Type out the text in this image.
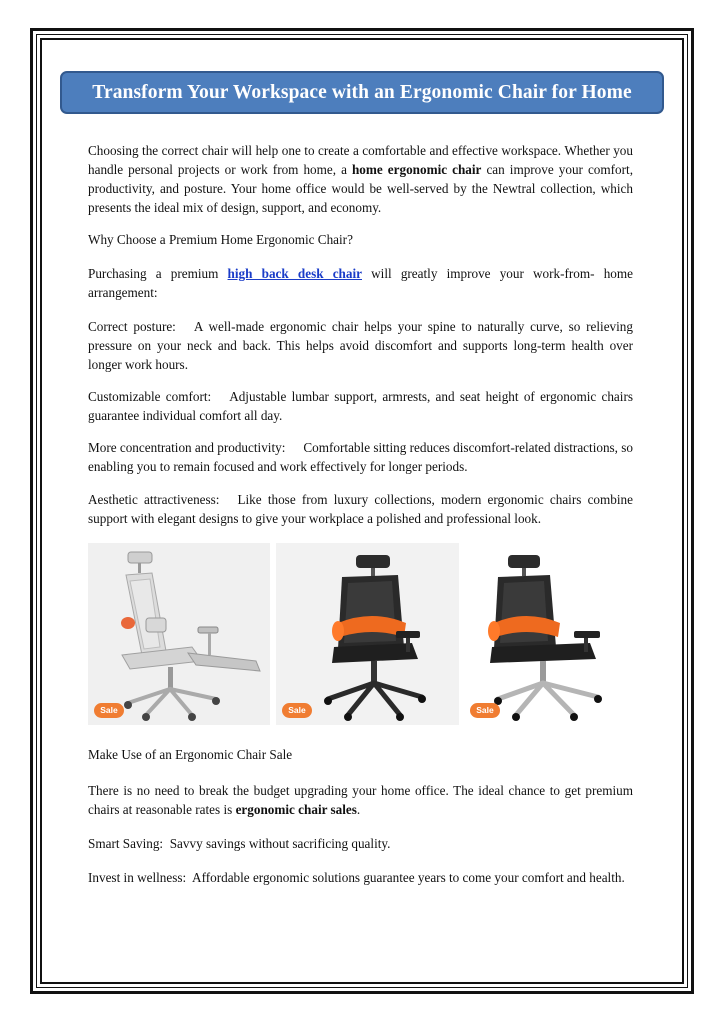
Transform Your Workspace with an Ergonomic Chair for Home

Choosing the correct chair will help one to create a comfortable and effective workspace. Whether you handle personal projects or work from home, a home ergonomic chair can improve your comfort, productivity, and posture. Your home office would be well-served by the Newtral collection, which presents the ideal mix of design, support, and economy.

Why Choose a Premium Home Ergonomic Chair?

Purchasing a premium high back desk chair will greatly improve your work-from- home arrangement:

Correct posture: A well-made ergonomic chair helps your spine to naturally curve, so relieving pressure on your neck and back. This helps avoid discomfort and supports long-term health over longer work hours.

Customizable comfort: Adjustable lumbar support, armrests, and seat height of ergonomic chairs guarantee individual comfort all day.

More concentration and productivity: Comfortable sitting reduces discomfort-related distractions, so enabling you to remain focused and work effectively for longer periods.

Aesthetic attractiveness: Like those from luxury collections, modern ergonomic chairs combine support with elegant designs to give your workplace a polished and professional look.

Sale	Sale	Sale

Make Use of an Ergonomic Chair Sale

There is no need to break the budget upgrading your home office. The ideal chance to get premium chairs at reasonable rates is ergonomic chair sales.

Smart Saving: Savvy savings without sacrificing quality.

Invest in wellness: Affordable ergonomic solutions guarantee years to come your comfort and health.
